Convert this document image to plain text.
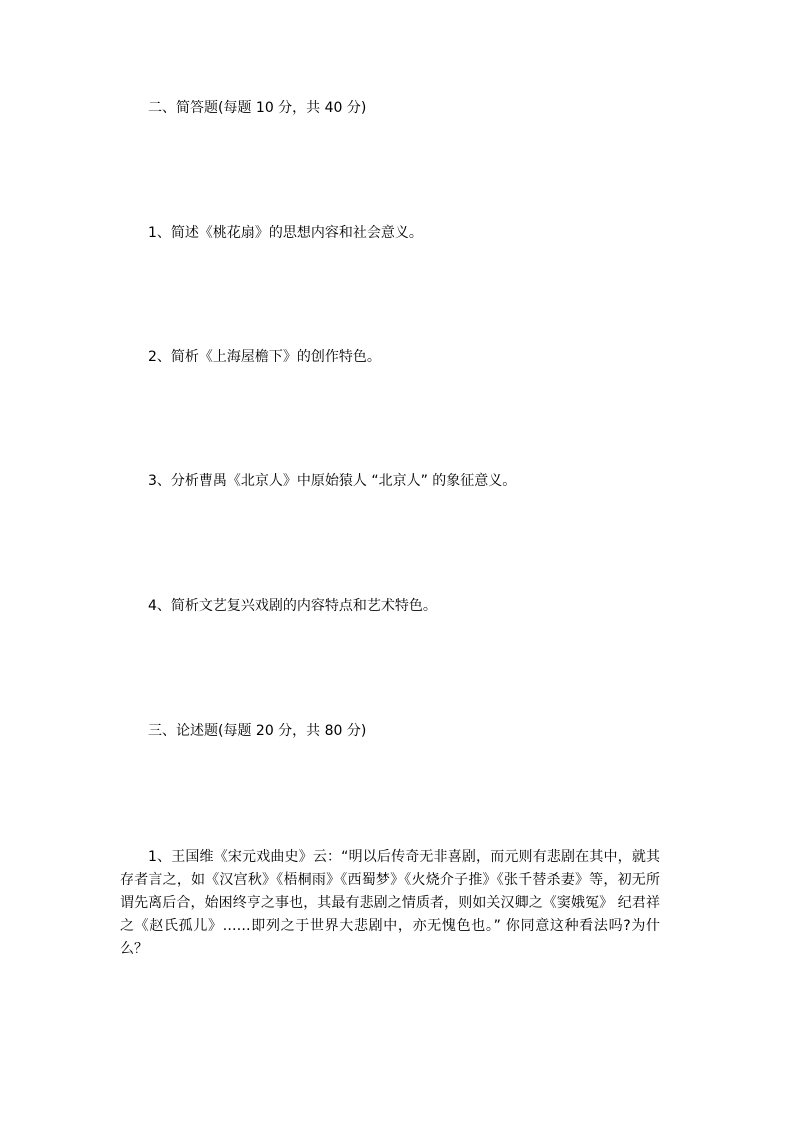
二、简答题(每题 10 分，共 40 分)
1、简述《桃花扇》的思想内容和社会意义。
2、简析《上海屋檐下》的创作特色。
3、分析曹禺《北京人》中原始猿人 “北京人” 的象征意义。
4、简析文艺复兴戏剧的内容特点和艺术特色。
三、论述题(每题 20 分，共 80 分)
1、王国维《宋元戏曲史》云：“明以后传奇无非喜剧，而元则有悲剧在其中，就其存者言之，如《汉宫秋》《梧桐雨》《西蜀梦》《火烧介子推》《张千替杀妻》等，初无所谓先离后合，始困终亨之事也，其最有悲剧之情质者，则如关汉卿之《窦娥冤》 纪君祥之《赵氏孤儿》……即列之于世界大悲剧中，亦无愧色也。” 你同意这种看法吗?为什么？
